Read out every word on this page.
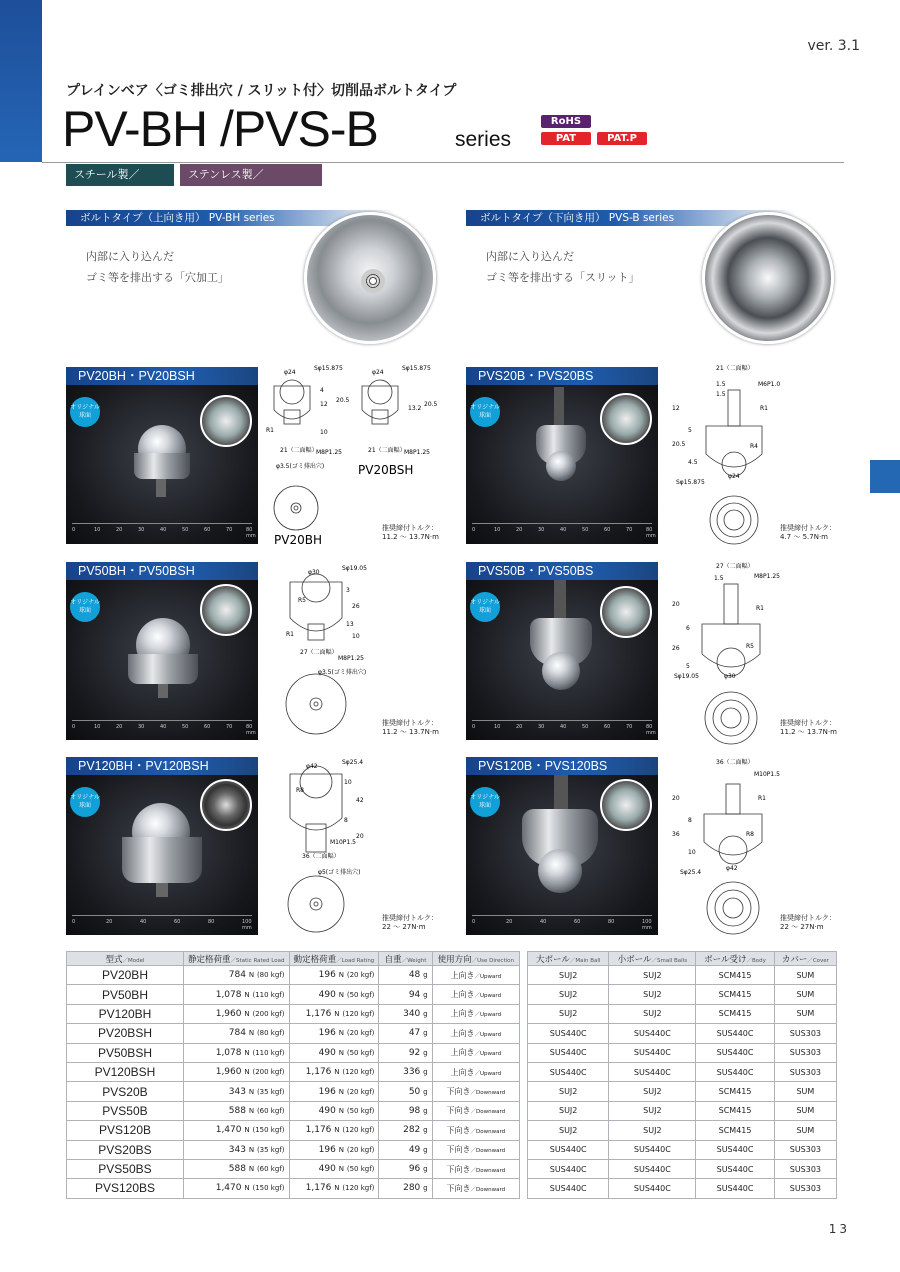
ver. 3.1
プレインベア〈ゴミ排出穴 / スリット付〉切削品ボルトタイプ
PV-BH /PVS-B	series
RoHS
PAT	PAT.P
スチール製／STEEL
ステンレス製／STAINLESS
ボルトタイプ（上向き用） PV-BH series	ボルトタイプ（下向き用） PVS-B series
内部に入り込んだ
ゴミ等を排出する「穴加工」
内部に入り込んだ
ゴミ等を排出する「スリット」
PV20BH・PV20BSH
オリジナル
球面
0	10	20	30	40	50	60	70	80
mm
φ24
Sφ15.875
20.5
12
4
10
R1
21（二面幅）
M8P1.25
φ3.5(ゴミ排出穴)
φ24
Sφ15.875
13.2
20.5
21（二面幅）
M8P1.25
PV20BSH
PV20BH
推奨締付トルク：
11.2 〜 13.7N·m
PVS20B・PVS20BS
オリジナル
球面
0	10	20	30	40	50	60	70	80
mm
21（二面幅）
1.5	M6P1.0
R1
12
20.5
5
4.5
R4
Sφ15.875
φ24
1.5
推奨締付トルク：
4.7 〜 5.7N·m
PV50BH・PV50BSH
オリジナル
球面
0	10	20	30	40	50	60	70	80
mm
φ30
Sφ19.05
26
3
13
10
R1
R5
27（二面幅）
M8P1.25
φ3.5(ゴミ排出穴)
推奨締付トルク：
11.2 〜 13.7N·m
PVS50B・PVS50BS
オリジナル
球面
0	10	20	30	40	50	60	70	80
mm
27（二面幅）
1.5	M8P1.25
R1
20
26
6
5
R5
Sφ19.05	φ30
推奨締付トルク：
11.2 〜 13.7N·m
PV120BH・PV120BSH
オリジナル
球面
0	20	40	60	80	100
mm
φ42
Sφ25.4
42
20
8
10
R8
36（二面幅）
M10P1.5
φ5(ゴミ排出穴)
推奨締付トルク：
22 〜 27N·m
PVS120B・PVS120BS
オリジナル
球面
0	20	40	60	80	100
mm
36（二面幅）
M10P1.5
R1
20
36
10
8
R8
Sφ25.4
φ42
推奨締付トルク：
22 〜 27N·m
型式／Model	静定格荷重／Static Rated Load	動定格荷重／Load Rating	自重／Weight	使用方向／Use Direction
PV20BH	784 N (80 kgf)	196 N (20 kgf)	48 g	上向き／Upward
PV50BH	1,078 N (110 kgf)	490 N (50 kgf)	94 g	上向き／Upward
PV120BH	1,960 N (200 kgf)	1,176 N (120 kgf)	340 g	上向き／Upward
PV20BSH	784 N (80 kgf)	196 N (20 kgf)	47 g	上向き／Upward
PV50BSH	1,078 N (110 kgf)	490 N (50 kgf)	92 g	上向き／Upward
PV120BSH	1,960 N (200 kgf)	1,176 N (120 kgf)	336 g	上向き／Upward
PVS20B	343 N (35 kgf)	196 N (20 kgf)	50 g	下向き／Downward
PVS50B	588 N (60 kgf)	490 N (50 kgf)	98 g	下向き／Downward
PVS120B	1,470 N (150 kgf)	1,176 N (120 kgf)	282 g	下向き／Downward
PVS20BS	343 N (35 kgf)	196 N (20 kgf)	49 g	下向き／Downward
PVS50BS	588 N (60 kgf)	490 N (50 kgf)	96 g	下向き／Downward
PVS120BS	1,470 N (150 kgf)	1,176 N (120 kgf)	280 g	下向き／Downward
大ボール／Main Ball	小ボール／Small Balls	ボール受け／Body	カバー／Cover
SUJ2	SUJ2	SCM415	SUM
SUJ2	SUJ2	SCM415	SUM
SUJ2	SUJ2	SCM415	SUM
SUS440C	SUS440C	SUS440C	SUS303
SUS440C	SUS440C	SUS440C	SUS303
SUS440C	SUS440C	SUS440C	SUS303
SUJ2	SUJ2	SCM415	SUM
SUJ2	SUJ2	SCM415	SUM
SUJ2	SUJ2	SCM415	SUM
SUS440C	SUS440C	SUS440C	SUS303
SUS440C	SUS440C	SUS440C	SUS303
SUS440C	SUS440C	SUS440C	SUS303
13
